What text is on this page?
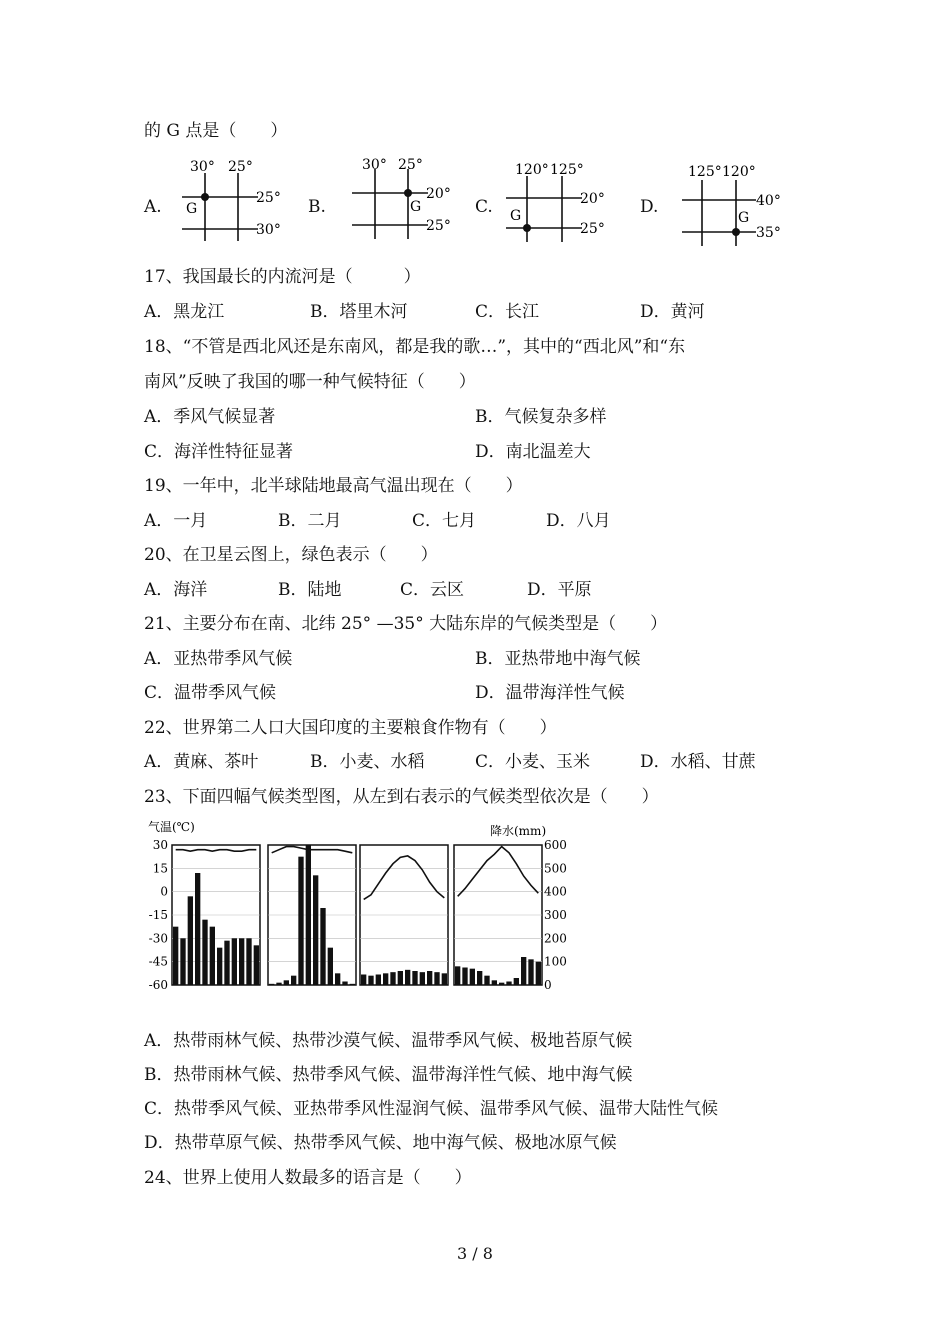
的 G 点是（　　）
A.	B.	C.	D.
30° 25°
25°
30°
G
30° 25°
20°
25°
G
120° 125°
20°
25°
G
125° 120°
40°
35°
G
17、我国最长的内流河是（　　　）
A．黑龙江	B．塔里木河	C．长江	D．黄河
18、“不管是西北风还是东南风，都是我的歌…”，其中的“西北风”和“东
南风”反映了我国的哪一种气候特征（　　）
A．季风气候显著	B．气候复杂多样
C．海洋性特征显著	D．南北温差大
19、一年中，北半球陆地最高气温出现在（　　）
A．一月	B．二月	C．七月	D．八月
20、在卫星云图上，绿色表示（　　）
A．海洋	B．陆地	C．云区	D．平原
21、主要分布在南、北纬 25° —35° 大陆东岸的气候类型是（　　）
A．亚热带季风气候	B．亚热带地中海气候
C．温带季风气候	D．温带海洋性气候
22、世界第二人口大国印度的主要粮食作物有（　　）
A．黄麻、茶叶	B．小麦、水稻	C．小麦、玉米	D．水稻、甘蔗
23、下面四幅气候类型图，从左到右表示的气候类型依次是（　　）
气温(℃)	降水(mm)
30
15
0
-15
-30
-45
-60
600
500
400
300
200
100
0
A．热带雨林气候、热带沙漠气候、温带季风气候、极地苔原气候
B．热带雨林气候、热带季风气候、温带海洋性气候、地中海气候
C．热带季风气候、亚热带季风性湿润气候、温带季风气候、温带大陆性气候
D．热带草原气候、热带季风气候、地中海气候、极地冰原气候
24、世界上使用人数最多的语言是（　　）
3 / 8
